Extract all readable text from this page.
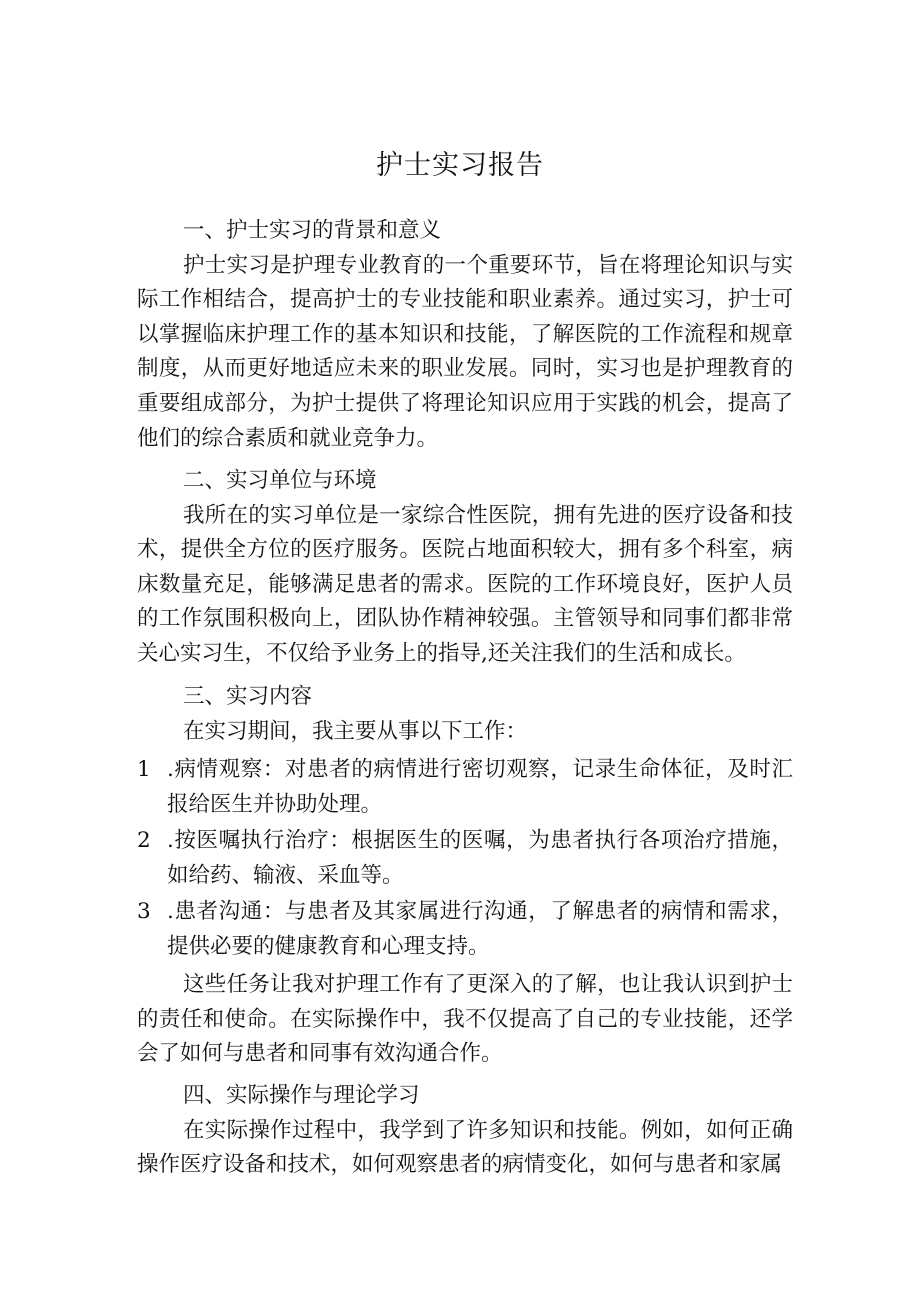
护士实习报告

一、护士实习的背景和意义

护士实习是护理专业教育的一个重要环节，旨在将理论知识与实际工作相结合，提高护士的专业技能和职业素养。通过实习，护士可以掌握临床护理工作的基本知识和技能，了解医院的工作流程和规章制度，从而更好地适应未来的职业发展。同时，实习也是护理教育的重要组成部分，为护士提供了将理论知识应用于实践的机会，提高了他们的综合素质和就业竞争力。

二、实习单位与环境

我所在的实习单位是一家综合性医院，拥有先进的医疗设备和技术，提供全方位的医疗服务。医院占地面积较大，拥有多个科室，病床数量充足，能够满足患者的需求。医院的工作环境良好，医护人员的工作氛围积极向上，团队协作精神较强。主管领导和同事们都非常关心实习生，不仅给予业务上的指导,还关注我们的生活和成长。

三、实习内容

在实习期间，我主要从事以下工作：

1 .病情观察：对患者的病情进行密切观察，记录生命体征，及时汇报给医生并协助处理。

2 .按医嘱执行治疗：根据医生的医嘱，为患者执行各项治疗措施，如给药、输液、采血等。

3 .患者沟通：与患者及其家属进行沟通，了解患者的病情和需求，提供必要的健康教育和心理支持。

这些任务让我对护理工作有了更深入的了解，也让我认识到护士的责任和使命。在实际操作中，我不仅提高了自己的专业技能，还学会了如何与患者和同事有效沟通合作。

四、实际操作与理论学习

在实际操作过程中，我学到了许多知识和技能。例如，如何正确操作医疗设备和技术，如何观察患者的病情变化，如何与患者和家属
